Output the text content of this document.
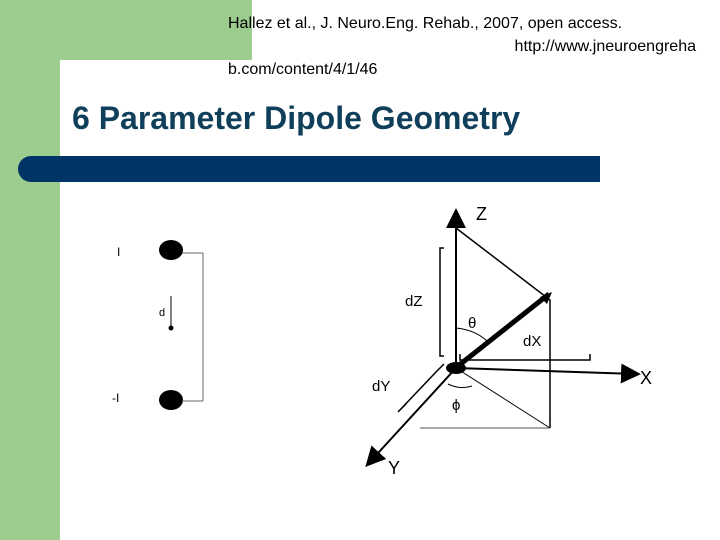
Hallez et al., J. Neuro.Eng. Rehab., 2007, open access.
http://www.jneuroengreha
b.com/content/4/1/46
6 Parameter Dipole Geometry
I
d
-I
Z
X
Y
dZ
dX
dY
θ
ϕ
